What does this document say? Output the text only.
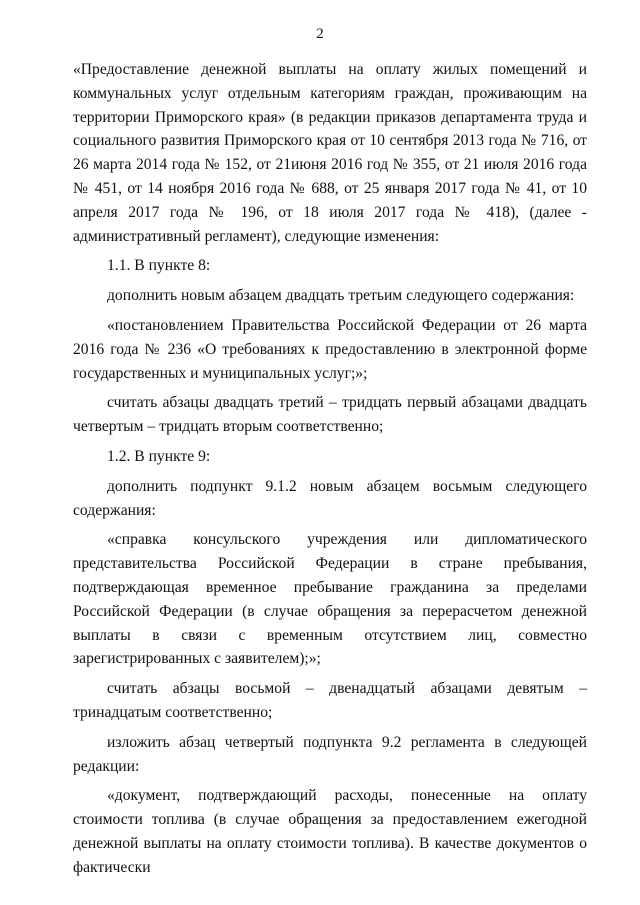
2

«Предоставление денежной выплаты на оплату жилых помещений и коммунальных услуг отдельным категориям граждан, проживающим на территории Приморского края» (в редакции приказов департамента труда и социального развития Приморского края от 10 сентября 2013 года № 716, от 26 марта 2014 года № 152, от 21июня 2016 год № 355, от 21 июля 2016 года № 451, от 14 ноября 2016 года № 688, от 25 января 2017 года № 41, от 10 апреля 2017 года № 196, от 18 июля 2017 года № 418), (далее - административный регламент), следующие изменения:

1.1. В пункте 8:

дополнить новым абзацем двадцать третьим следующего содержания:

«постановлением Правительства Российской Федерации от 26 марта 2016 года № 236 «О требованиях к предоставлению в электронной форме государственных и муниципальных услуг;»;

считать абзацы двадцать третий – тридцать первый абзацами двадцать четвертым – тридцать вторым соответственно;

1.2. В пункте 9:

дополнить подпункт 9.1.2 новым абзацем восьмым следующего содержания:

«справка консульского учреждения или дипломатического представительства Российской Федерации в стране пребывания, подтверждающая временное пребывание гражданина за пределами Российской Федерации (в случае обращения за перерасчетом денежной выплаты в связи с временным отсутствием лиц, совместно зарегистрированных с заявителем);»;

считать абзацы восьмой – двенадцатый абзацами девятым – тринадцатым соответственно;

изложить абзац четвертый подпункта 9.2 регламента в следующей редакции:

«документ, подтверждающий расходы, понесенные на оплату стоимости топлива (в случае обращения за предоставлением ежегодной денежной выплаты на оплату стоимости топлива). В качестве документов о фактически
